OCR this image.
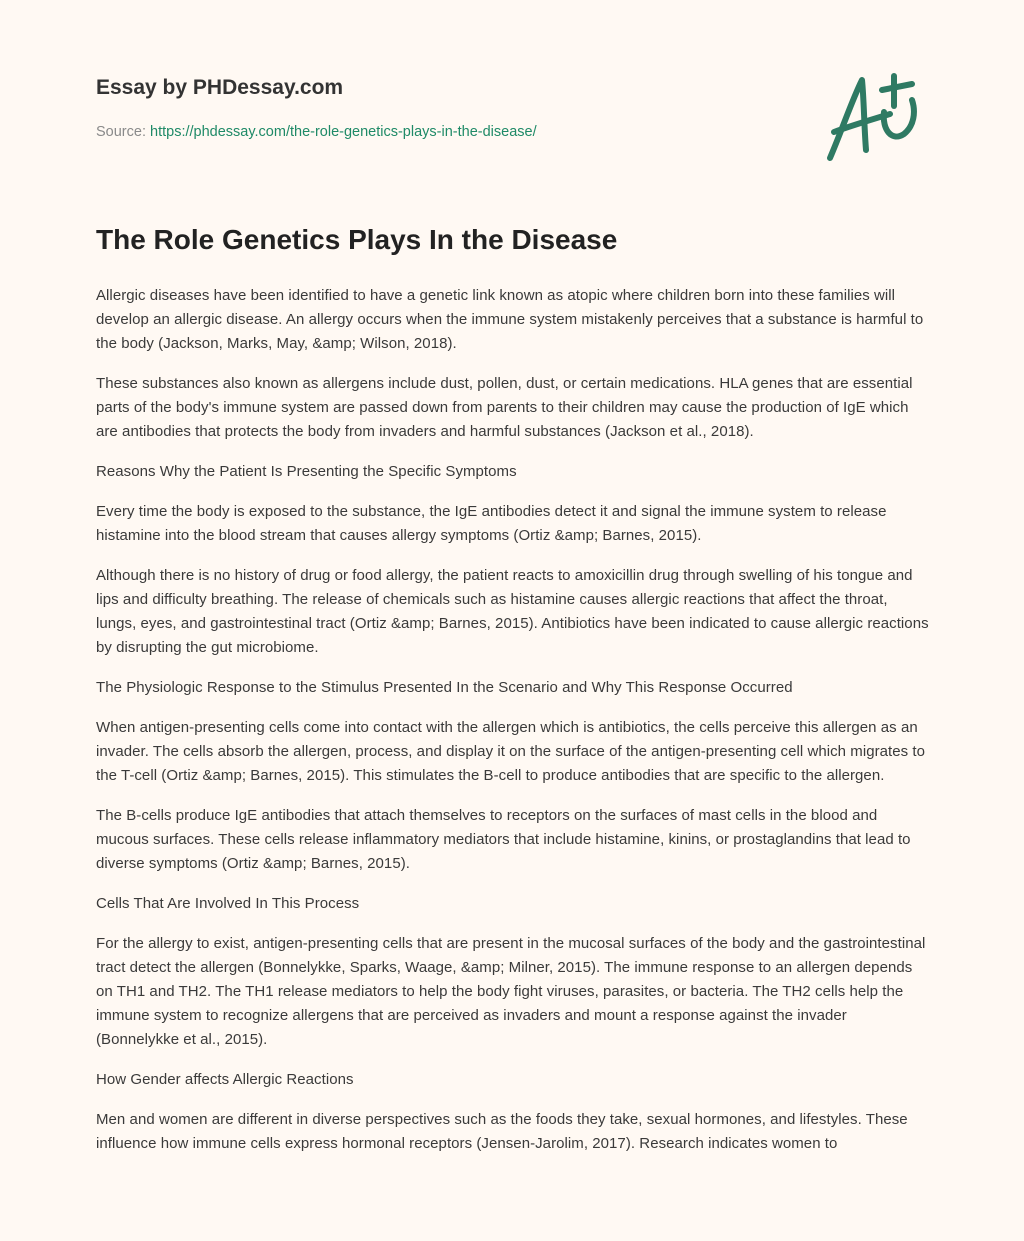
Essay by PHDessay.com
Source: https://phdessay.com/the-role-genetics-plays-in-the-disease/
The Role Genetics Plays In the Disease

Allergic diseases have been identified to have a genetic link known as atopic where children born into these families will develop an allergic disease. An allergy occurs when the immune system mistakenly perceives that a substance is harmful to the body (Jackson, Marks, May, &amp; Wilson, 2018).

These substances also known as allergens include dust, pollen, dust, or certain medications. HLA genes that are essential parts of the body's immune system are passed down from parents to their children may cause the production of IgE which are antibodies that protects the body from invaders and harmful substances (Jackson et al., 2018).

Reasons Why the Patient Is Presenting the Specific Symptoms

Every time the body is exposed to the substance, the IgE antibodies detect it and signal the immune system to release histamine into the blood stream that causes allergy symptoms (Ortiz &amp; Barnes, 2015).

Although there is no history of drug or food allergy, the patient reacts to amoxicillin drug through swelling of his tongue and lips and difficulty breathing. The release of chemicals such as histamine causes allergic reactions that affect the throat, lungs, eyes, and gastrointestinal tract (Ortiz &amp; Barnes, 2015). Antibiotics have been indicated to cause allergic reactions by disrupting the gut microbiome.

The Physiologic Response to the Stimulus Presented In the Scenario and Why This Response Occurred

When antigen-presenting cells come into contact with the allergen which is antibiotics, the cells perceive this allergen as an invader. The cells absorb the allergen, process, and display it on the surface of the antigen-presenting cell which migrates to the T-cell (Ortiz &amp; Barnes, 2015). This stimulates the B-cell to produce antibodies that are specific to the allergen.

The B-cells produce IgE antibodies that attach themselves to receptors on the surfaces of mast cells in the blood and mucous surfaces. These cells release inflammatory mediators that include histamine, kinins, or prostaglandins that lead to diverse symptoms (Ortiz &amp; Barnes, 2015).

Cells That Are Involved In This Process

For the allergy to exist, antigen-presenting cells that are present in the mucosal surfaces of the body and the gastrointestinal tract detect the allergen (Bonnelykke, Sparks, Waage, &amp; Milner, 2015). The immune response to an allergen depends on TH1 and TH2. The TH1 release mediators to help the body fight viruses, parasites, or bacteria. The TH2 cells help the immune system to recognize allergens that are perceived as invaders and mount a response against the invader (Bonnelykke et al., 2015).

How Gender affects Allergic Reactions

Men and women are different in diverse perspectives such as the foods they take, sexual hormones, and lifestyles. These influence how immune cells express hormonal receptors (Jensen-Jarolim, 2017). Research indicates women to
